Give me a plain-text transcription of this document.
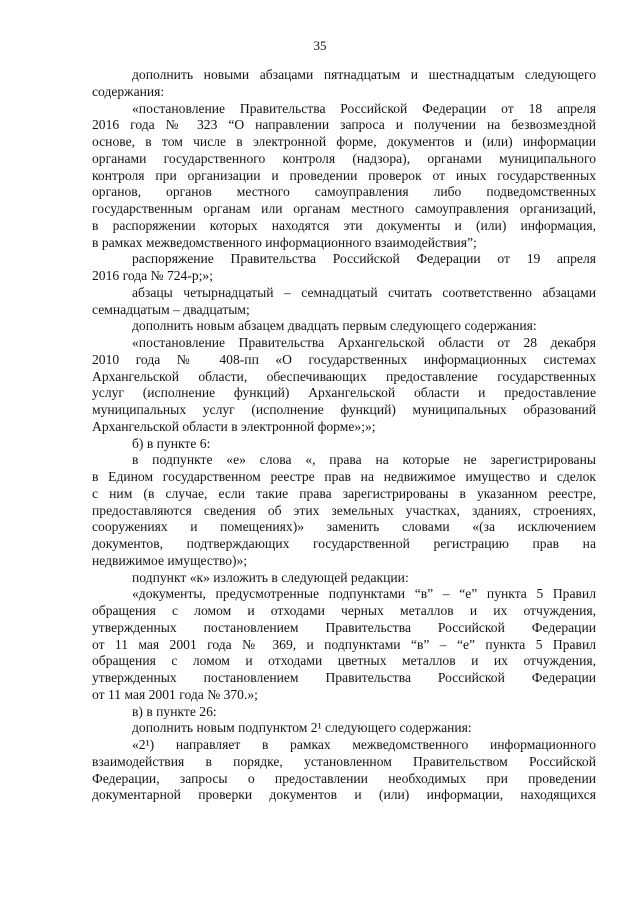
35

дополнить новыми абзацами пятнадцатым и шестнадцатым следующего
содержания:

«постановление Правительства Российской Федерации от 18 апреля
2016 года № 323 “О направлении запроса и получении на безвозмездной
основе, в том числе в электронной форме, документов и (или) информации
органами государственного контроля (надзора), органами муниципального
контроля при организации и проведении проверок от иных государственных
органов, органов местного самоуправления либо подведомственных
государственным органам или органам местного самоуправления организаций,
в распоряжении которых находятся эти документы и (или) информация,
в рамках межведомственного информационного взаимодействия”;

распоряжение Правительства Российской Федерации от 19 апреля
2016 года № 724-р;»;

абзацы четырнадцатый – семнадцатый считать соответственно абзацами
семнадцатым – двадцатым;

дополнить новым абзацем двадцать первым следующего содержания:

«постановление Правительства Архангельской области от 28 декабря
2010 года № 408-пп «О государственных информационных системах
Архангельской области, обеспечивающих предоставление государственных
услуг (исполнение функций) Архангельской области и предоставление
муниципальных услуг (исполнение функций) муниципальных образований
Архангельской области в электронной форме»;»;

б) в пункте 6:

в подпункте «е» слова «, права на которые не зарегистрированы
в Едином государственном реестре прав на недвижимое имущество и сделок
с ним (в случае, если такие права зарегистрированы в указанном реестре,
предоставляются сведения об этих земельных участках, зданиях, строениях,
сооружениях и помещениях)» заменить словами «(за исключением
документов, подтверждающих государственной регистрацию прав на
недвижимое имущество)»;

подпункт «к» изложить в следующей редакции:

«документы, предусмотренные подпунктами “в” – “е” пункта 5 Правил
обращения с ломом и отходами черных металлов и их отчуждения,
утвержденных постановлением Правительства Российской Федерации
от 11 мая 2001 года № 369, и подпунктами “в” – “е” пункта 5 Правил
обращения с ломом и отходами цветных металлов и их отчуждения,
утвержденных постановлением Правительства Российской Федерации
от 11 мая 2001 года № 370.»;

в) в пункте 26:

дополнить новым подпунктом 2¹ следующего содержания:

«2¹) направляет в рамках межведомственного информационного
взаимодействия в порядке, установленном Правительством Российской
Федерации, запросы о предоставлении необходимых при проведении
документарной проверки документов и (или) информации, находящихся
